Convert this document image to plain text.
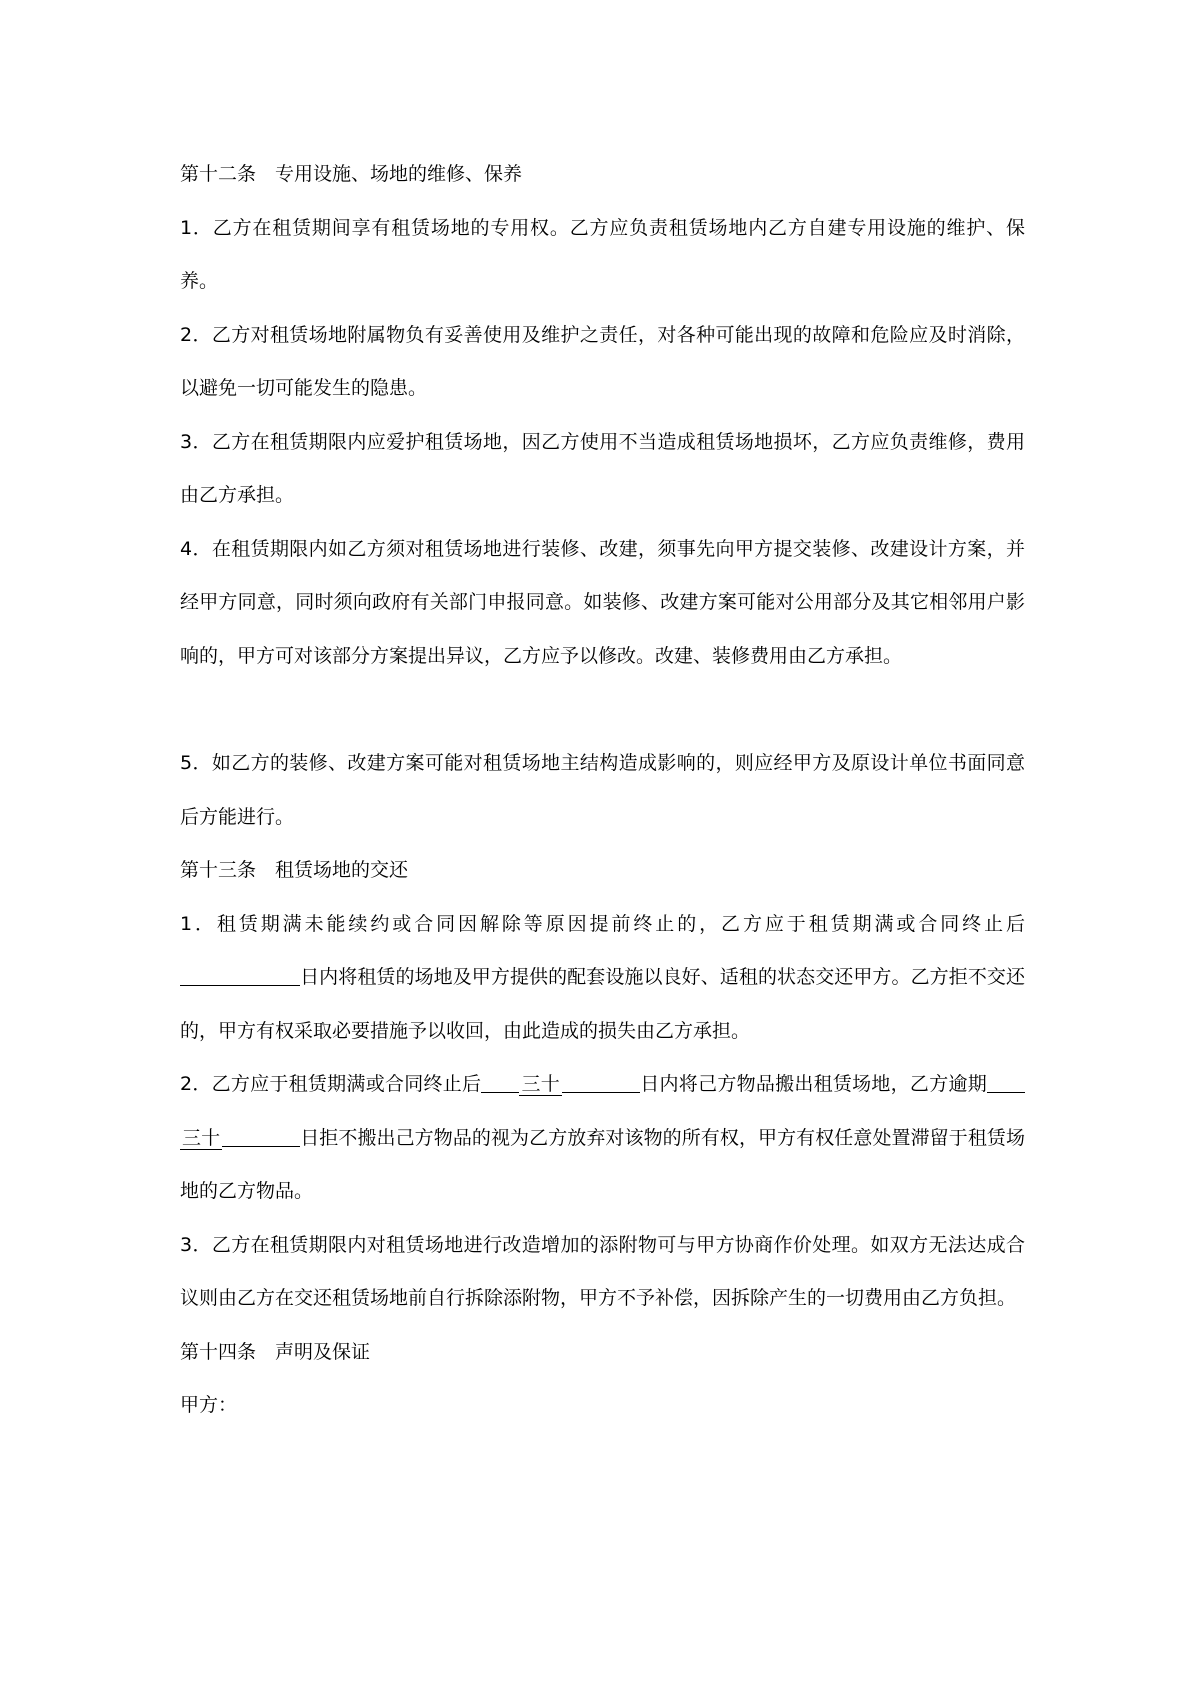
第十二条　专用设施、场地的维修、保养

1．乙方在租赁期间享有租赁场地的专用权。乙方应负责租赁场地内乙方自建专用设施的维护、保养。

2．乙方对租赁场地附属物负有妥善使用及维护之责任，对各种可能出现的故障和危险应及时消除，以避免一切可能发生的隐患。

3．乙方在租赁期限内应爱护租赁场地，因乙方使用不当造成租赁场地损坏，乙方应负责维修，费用由乙方承担。

4．在租赁期限内如乙方须对租赁场地进行装修、改建，须事先向甲方提交装修、改建设计方案，并经甲方同意，同时须向政府有关部门申报同意。如装修、改建方案可能对公用部分及其它相邻用户影响的，甲方可对该部分方案提出异议，乙方应予以修改。改建、装修费用由乙方承担。

5．如乙方的装修、改建方案可能对租赁场地主结构造成影响的，则应经甲方及原设计单位书面同意后方能进行。

第十三条　租赁场地的交还

1．租赁期满未能续约或合同因解除等原因提前终止的，乙方应于租赁期满或合同终止后日内将租赁的场地及甲方提供的配套设施以良好、适租的状态交还甲方。乙方拒不交还的，甲方有权采取必要措施予以收回，由此造成的损失由乙方承担。

2．乙方应于租赁期满或合同终止后 三十	日内将己方物品搬出租赁场地，乙方逾期三十	日拒不搬出己方物品的视为乙方放弃对该物的所有权，甲方有权任意处置滞留于租赁场地的乙方物品。

3．乙方在租赁期限内对租赁场地进行改造增加的添附物可与甲方协商作价处理。如双方无法达成合议则由乙方在交还租赁场地前自行拆除添附物，甲方不予补偿，因拆除产生的一切费用由乙方负担。

第十四条　声明及保证

甲方：
